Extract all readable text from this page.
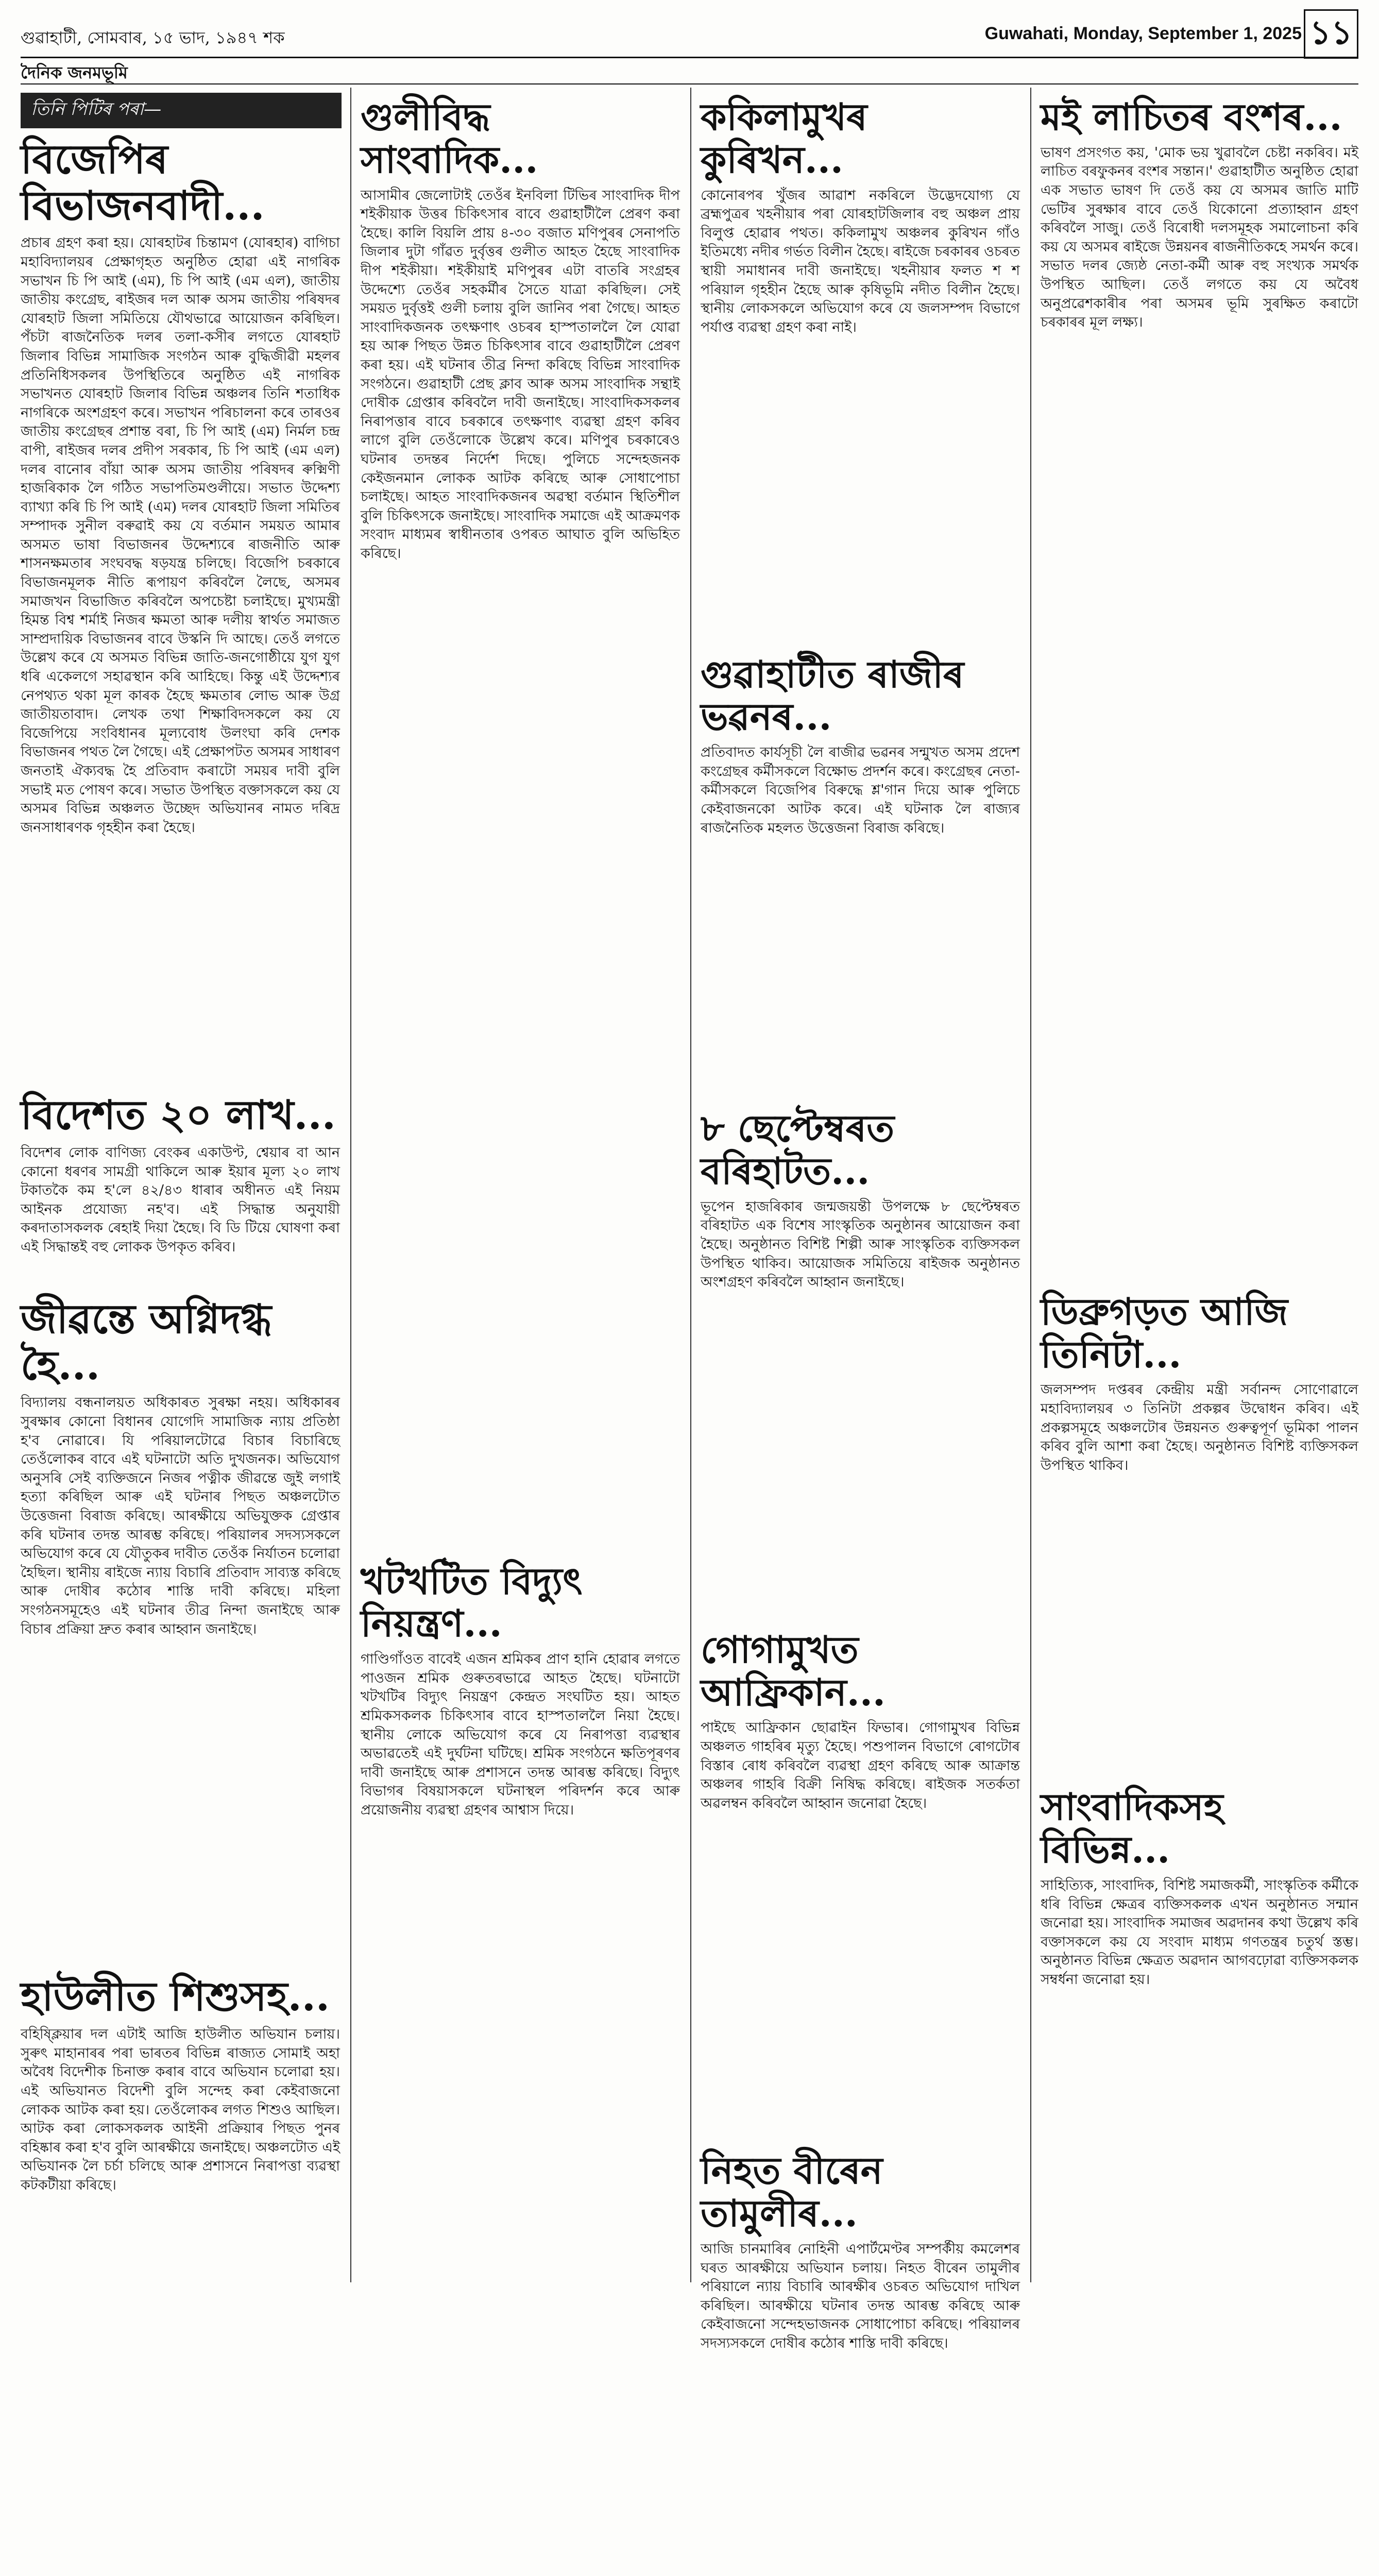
গুৱাহাটী, সোমবাৰ, ১৫ ভাদ, ১৯৪৭ শক	Guwahati, Monday, September 1, 2025 ১১
দৈনিক জনমভূমি
তিনি পিটিৰ পৰা—
বিজেপিৰ বিভাজনবাদী...

প্ৰচাৰ গ্ৰহণ কৰা হয়। যোৰহাটৰ চিন্তামণ (যোৰহাৰ) বাগিচা মহাবিদ্যালয়ৰ প্ৰেক্ষাগৃহত অনুষ্ঠিত হোৱা এই নাগৰিক সভাখন চি পি আই (এম), চি পি আই (এম এল), জাতীয় জাতীয় কংগ্ৰেছ, ৰাইজৰ দল আৰু অসম জাতীয় পৰিষদৰ যোৰহাট জিলা সমিতিয়ে যৌথভাৱে আয়োজন কৰিছিল। পঁচটা ৰাজনৈতিক দলৰ তলা-কসীৰ লগতে যোৰহাট জিলাৰ বিভিন্ন সামাজিক সংগঠন আৰু বুদ্ধিজীৱী মহলৰ প্ৰতিনিধিসকলৰ উপস্থিতিৰে অনুষ্ঠিত এই নাগৰিক সভাখনত যোৰহাট জিলাৰ বিভিন্ন অঞ্চলৰ তিনি শতাধিক নাগৰিকে অংশগ্ৰহণ কৰে। সভাখন পৰিচালনা কৰে তাৰওৰ জাতীয় কংগ্ৰেছৰ প্ৰশান্ত বৰা, চি পি আই (এম) নিৰ্মল চন্দ্ৰ বাপী, ৰাইজৰ দলৰ প্ৰদীপ সৰকাৰ, চি পি আই (এম এল) দলৰ বানোৰ বাঁয়া আৰু অসম জাতীয় পৰিষদৰ ৰুক্মিণী হাজৰিকাক লৈ গঠিত সভাপতিমণ্ডলীয়ে। সভাত উদ্দেশ্য ব্যাখ্যা কৰি চি পি আই (এম) দলৰ যোৰহাট জিলা সমিতিৰ সম্পাদক সুনীল বৰুৱাই কয় যে বৰ্তমান সময়ত আমাৰ অসমত ভাষা বিভাজনৰ উদ্দেশ্যৰে ৰাজনীতি আৰু শাসনক্ষমতাৰ সংঘবদ্ধ ষড়যন্ত্ৰ চলিছে। বিজেপি চৰকাৰে বিভাজনমূলক নীতি ৰূপায়ণ কৰিবলৈ লৈছে, অসমৰ সমাজখন বিভাজিত কৰিবলৈ অপচেষ্টা চলাইছে। মুখ্যমন্ত্ৰী হিমন্ত বিশ্ব শৰ্মাই নিজৰ ক্ষমতা আৰু দলীয় স্বাৰ্থত সমাজত সাম্প্ৰদায়িক বিভাজনৰ বাবে উস্কনি দি আছে। তেওঁ লগতে উল্লেখ কৰে যে অসমত বিভিন্ন জাতি-জনগোষ্ঠীয়ে যুগ যুগ ধৰি একেলগে সহাৱস্থান কৰি আহিছে। কিন্তু এই উদ্দেশ্যৰ নেপথ্যত থকা মূল কাৰক হৈছে ক্ষমতাৰ লোভ আৰু উগ্ৰ জাতীয়তাবাদ। লেখক তথা শিক্ষাবিদসকলে কয় যে বিজেপিয়ে সংবিধানৰ মূল্যবোধ উলংঘা কৰি দেশক বিভাজনৰ পথত লৈ গৈছে। এই প্ৰেক্ষাপটত অসমৰ সাধাৰণ জনতাই ঐক্যবদ্ধ হৈ প্ৰতিবাদ কৰাটো সময়ৰ দাবী বুলি সভাই মত পোষণ কৰে। সভাত উপস্থিত বক্তাসকলে কয় যে অসমৰ বিভিন্ন অঞ্চলত উচ্ছেদ অভিযানৰ নামত দৰিদ্ৰ জনসাধাৰণক গৃহহীন কৰা হৈছে।

বিদেশত ২০ লাখ...

বিদেশৰ লোক বাণিজ্য বেংকৰ একাউণ্ট, শ্বেয়াৰ বা আন কোনো ধৰণৰ সামগ্ৰী থাকিলে আৰু ইয়াৰ মূল্য ২০ লাখ টকাতকৈ কম হ'লে ৪২/৪৩ ধাৰাৰ অধীনত এই নিয়ম আইনক প্ৰযোজ্য নহ'ব। এই সিদ্ধান্ত অনুযায়ী কৰদাতাসকলক ৰেহাই দিয়া হৈছে। বি ডি টিয়ে ঘোষণা কৰা এই সিদ্ধান্তই বহু লোকক উপকৃত কৰিব।

জীৱন্তে অগ্নিদগ্ধ হৈ...

বিদ্যালয় বন্ধনালয়ত অধিকাৰত সুৰক্ষা নহয়। অধিকাৰৰ সুৰক্ষাৰ কোনো বিধানৰ যোগেদি সামাজিক ন্যায় প্ৰতিষ্ঠা হ'ব নোৱাৰে। যি পৰিয়ালটোৱে বিচাৰ বিচাৰিছে তেওঁলোকৰ বাবে এই ঘটনাটো অতি দুখজনক। অভিযোগ অনুসৰি সেই ব্যক্তিজনে নিজৰ পত্নীক জীৱন্তে জুই লগাই হত্যা কৰিছিল আৰু এই ঘটনাৰ পিছত অঞ্চলটোত উত্তেজনা বিৰাজ কৰিছে। আৰক্ষীয়ে অভিযুক্তক গ্ৰেপ্তাৰ কৰি ঘটনাৰ তদন্ত আৰম্ভ কৰিছে। পৰিয়ালৰ সদস্যসকলে অভিযোগ কৰে যে যৌতুকৰ দাবীত তেওঁক নিৰ্যাতন চলোৱা হৈছিল। স্থানীয় ৰাইজে ন্যায় বিচাৰি প্ৰতিবাদ সাব্যস্ত কৰিছে আৰু দোষীৰ কঠোৰ শাস্তি দাবী কৰিছে। মহিলা সংগঠনসমূহেও এই ঘটনাৰ তীব্ৰ নিন্দা জনাইছে আৰু বিচাৰ প্ৰক্ৰিয়া দ্ৰুত কৰাৰ আহ্বান জনাইছে।

হাউলীত শিশুসহ...

বহিষ্ক্লিয়াৰ দল এটাই আজি হাউলীত অভিযান চলায়। সুৰুৎ মাহানাৰৰ পৰা ভাৰতৰ বিভিন্ন ৰাজ্যত সোমাই অহা অবৈধ বিদেশীক চিনাক্ত কৰাৰ বাবে অভিযান চলোৱা হয়। এই অভিযানত বিদেশী বুলি সন্দেহ কৰা কেইবাজনো লোকক আটক কৰা হয়। তেওঁলোকৰ লগত শিশুও আছিল। আটক কৰা লোকসকলক আইনী প্ৰক্ৰিয়াৰ পিছত পুনৰ বহিষ্কাৰ কৰা হ'ব বুলি আৰক্ষীয়ে জনাইছে। অঞ্চলটোত এই অভিযানক লৈ চৰ্চা চলিছে আৰু প্ৰশাসনে নিৰাপত্তা ব্যৱস্থা কটকটীয়া কৰিছে।

গুলীবিদ্ধ সাংবাদিক...

আসামীৰ জেলোটাই তেওঁৰ ইনবিলা টিভিৰ সাংবাদিক দীপ শইকীয়াক উত্তৰ চিকিৎসাৰ বাবে গুৱাহাটীলৈ প্ৰেৰণ কৰা হৈছে। কালি বিয়লি প্ৰায় ৪-৩০ বজাত মণিপুৰৰ সেনাপতি জিলাৰ দুটা গাঁৱত দুৰ্বৃত্তৰ গুলীত আহত হৈছে সাংবাদিক দীপ শইকীয়া। শইকীয়াই মণিপুৰৰ এটা বাতৰি সংগ্ৰহৰ উদ্দেশ্যে তেওঁৰ সহকৰ্মীৰ সৈতে যাত্ৰা কৰিছিল। সেই সময়ত দুৰ্বৃত্তই গুলী চলায় বুলি জানিব পৰা গৈছে। আহত সাংবাদিকজনক তৎক্ষণাৎ ওচৰৰ হাস্পতাললৈ লৈ যোৱা হয় আৰু পিছত উন্নত চিকিৎসাৰ বাবে গুৱাহাটীলৈ প্ৰেৰণ কৰা হয়। এই ঘটনাৰ তীব্ৰ নিন্দা কৰিছে বিভিন্ন সাংবাদিক সংগঠনে। গুৱাহাটী প্ৰেছ ক্লাব আৰু অসম সাংবাদিক সন্থাই দোষীক গ্ৰেপ্তাৰ কৰিবলৈ দাবী জনাইছে। সাংবাদিকসকলৰ নিৰাপত্তাৰ বাবে চৰকাৰে তৎক্ষণাৎ ব্যৱস্থা গ্ৰহণ কৰিব লাগে বুলি তেওঁলোকে উল্লেখ কৰে। মণিপুৰ চৰকাৰেও ঘটনাৰ তদন্তৰ নিৰ্দেশ দিছে। পুলিচে সন্দেহজনক কেইজনমান লোকক আটক কৰিছে আৰু সোধাপোচা চলাইছে। আহত সাংবাদিকজনৰ অৱস্থা বৰ্তমান স্থিতিশীল বুলি চিকিৎসকে জনাইছে। সাংবাদিক সমাজে এই আক্ৰমণক সংবাদ মাধ্যমৰ স্বাধীনতাৰ ওপৰত আঘাত বুলি অভিহিত কৰিছে।

খটখটিত বিদ্যুৎ নিয়ন্ত্ৰণ...

গাণ্ডিগাঁওত বাবেই এজন শ্ৰমিকৰ প্ৰাণ হানি হোৱাৰ লগতে পাওজন শ্ৰমিক গুৰুতৰভাৱে আহত হৈছে। ঘটনাটো খটখটিৰ বিদ্যুৎ নিয়ন্ত্ৰণ কেন্দ্ৰত সংঘটিত হয়। আহত শ্ৰমিকসকলক চিকিৎসাৰ বাবে হাস্পতাললৈ নিয়া হৈছে। স্থানীয় লোকে অভিযোগ কৰে যে নিৰাপত্তা ব্যৱস্থাৰ অভাৱতেই এই দুৰ্ঘটনা ঘটিছে। শ্ৰমিক সংগঠনে ক্ষতিপূৰণৰ দাবী জনাইছে আৰু প্ৰশাসনে তদন্ত আৰম্ভ কৰিছে। বিদ্যুৎ বিভাগৰ বিষয়াসকলে ঘটনাস্থল পৰিদৰ্শন কৰে আৰু প্ৰয়োজনীয় ব্যৱস্থা গ্ৰহণৰ আশ্বাস দিয়ে।

ককিলামুখৰ কুৰিখন...

কোনোৰপৰ খুঁজৰ আৱাশ নকৰিলে উদ্ভেদযোগ্য যে ব্ৰহ্মপুত্ৰৰ খহনীয়াৰ পৰা যোৰহাটজিলাৰ বহু অঞ্চল প্ৰায় বিলুপ্ত হোৱাৰ পথত। ককিলামুখ অঞ্চলৰ কুৰিখন গাঁও ইতিমধ্যে নদীৰ গৰ্ভত বিলীন হৈছে। ৰাইজে চৰকাৰৰ ওচৰত স্থায়ী সমাধানৰ দাবী জনাইছে। খহনীয়াৰ ফলত শ শ পৰিয়াল গৃহহীন হৈছে আৰু কৃষিভূমি নদীত বিলীন হৈছে। স্থানীয় লোকসকলে অভিযোগ কৰে যে জলসম্পদ বিভাগে পৰ্যাপ্ত ব্যৱস্থা গ্ৰহণ কৰা নাই।

গুৱাহাটীত ৰাজীৰ ভৱনৰ...

প্ৰতিবাদত কাৰ্যসূচী লৈ ৰাজীৱ ভৱনৰ সন্মুখত অসম প্ৰদেশ কংগ্ৰেছৰ কৰ্মীসকলে বিক্ষোভ প্ৰদৰ্শন কৰে। কংগ্ৰেছৰ নেতা-কৰ্মীসকলে বিজেপিৰ বিৰুদ্ধে শ্ল'গান দিয়ে আৰু পুলিচে কেইবাজনকো আটক কৰে। এই ঘটনাক লৈ ৰাজ্যৰ ৰাজনৈতিক মহলত উত্তেজনা বিৰাজ কৰিছে।

৮ ছেপ্টেম্বৰত বৰিহাটত...

ভূপেন হাজৰিকাৰ জন্মজয়ন্তী উপলক্ষে ৮ ছেপ্টেম্বৰত বৰিহাটত এক বিশেষ সাংস্কৃতিক অনুষ্ঠানৰ আয়োজন কৰা হৈছে। অনুষ্ঠানত বিশিষ্ট শিল্পী আৰু সাংস্কৃতিক ব্যক্তিসকল উপস্থিত থাকিব। আয়োজক সমিতিয়ে ৰাইজক অনুষ্ঠানত অংশগ্ৰহণ কৰিবলৈ আহ্বান জনাইছে।

গোগামুখত আফ্ৰিকান...

পাইছে আফ্ৰিকান ছোৱাইন ফিভাৰ। গোগামুখৰ বিভিন্ন অঞ্চলত গাহৰিৰ মৃত্যু হৈছে। পশুপালন বিভাগে ৰোগটোৰ বিস্তাৰ ৰোধ কৰিবলৈ ব্যৱস্থা গ্ৰহণ কৰিছে আৰু আক্ৰান্ত অঞ্চলৰ গাহৰি বিক্ৰী নিষিদ্ধ কৰিছে। ৰাইজক সতৰ্কতা অৱলম্বন কৰিবলৈ আহ্বান জনোৱা হৈছে।

নিহত বীৰেন তামুলীৰ...

আজি চানমাৰিৰ নোহিনী এপাৰ্টমেণ্টৰ সম্পৰ্কীয় কমলেশৰ ঘৰত আৰক্ষীয়ে অভিযান চলায়। নিহত বীৰেন তামুলীৰ পৰিয়ালে ন্যায় বিচাৰি আৰক্ষীৰ ওচৰত অভিযোগ দাখিল কৰিছিল। আৰক্ষীয়ে ঘটনাৰ তদন্ত আৰম্ভ কৰিছে আৰু কেইবাজনো সন্দেহভাজনক সোধাপোচা কৰিছে। পৰিয়ালৰ সদস্যসকলে দোষীৰ কঠোৰ শাস্তি দাবী কৰিছে।

মই লাচিতৰ বংশৰ...

ভাষণ প্ৰসংগত কয়, 'মোক ভয় খুৱাবলৈ চেষ্টা নকৰিব। মই লাচিত বৰফুকনৰ বংশৰ সন্তান।' গুৱাহাটীত অনুষ্ঠিত হোৱা এক সভাত ভাষণ দি তেওঁ কয় যে অসমৰ জাতি মাটি ভেটিৰ সুৰক্ষাৰ বাবে তেওঁ যিকোনো প্ৰত্যাহ্বান গ্ৰহণ কৰিবলৈ সাজু। তেওঁ বিৰোধী দলসমূহক সমালোচনা কৰি কয় যে অসমৰ ৰাইজে উন্নয়নৰ ৰাজনীতিকহে সমৰ্থন কৰে। সভাত দলৰ জ্যেষ্ঠ নেতা-কৰ্মী আৰু বহু সংখ্যক সমৰ্থক উপস্থিত আছিল। তেওঁ লগতে কয় যে অবৈধ অনুপ্ৰৱেশকাৰীৰ পৰা অসমৰ ভূমি সুৰক্ষিত কৰাটো চৰকাৰৰ মূল লক্ষ্য।

ডিব্ৰুগড়ত আজি তিনিটা...

জলসম্পদ দপ্তৰৰ কেন্দ্ৰীয় মন্ত্ৰী সৰ্বানন্দ সোণোৱালে মহাবিদ্যালয়ৰ ৩ তিনিটা প্ৰকল্পৰ উদ্বোধন কৰিব। এই প্ৰকল্পসমূহে অঞ্চলটোৰ উন্নয়নত গুৰুত্বপূৰ্ণ ভূমিকা পালন কৰিব বুলি আশা কৰা হৈছে। অনুষ্ঠানত বিশিষ্ট ব্যক্তিসকল উপস্থিত থাকিব।

সাংবাদিকসহ বিভিন্ন...

সাহিত্যিক, সাংবাদিক, বিশিষ্ট সমাজকৰ্মী, সাংস্কৃতিক কৰ্মীকে ধৰি বিভিন্ন ক্ষেত্ৰৰ ব্যক্তিসকলক এখন অনুষ্ঠানত সন্মান জনোৱা হয়। সাংবাদিক সমাজৰ অৱদানৰ কথা উল্লেখ কৰি বক্তাসকলে কয় যে সংবাদ মাধ্যম গণতন্ত্ৰৰ চতুৰ্থ স্তম্ভ। অনুষ্ঠানত বিভিন্ন ক্ষেত্ৰত অৱদান আগবঢ়োৱা ব্যক্তিসকলক সম্বৰ্ধনা জনোৱা হয়।
